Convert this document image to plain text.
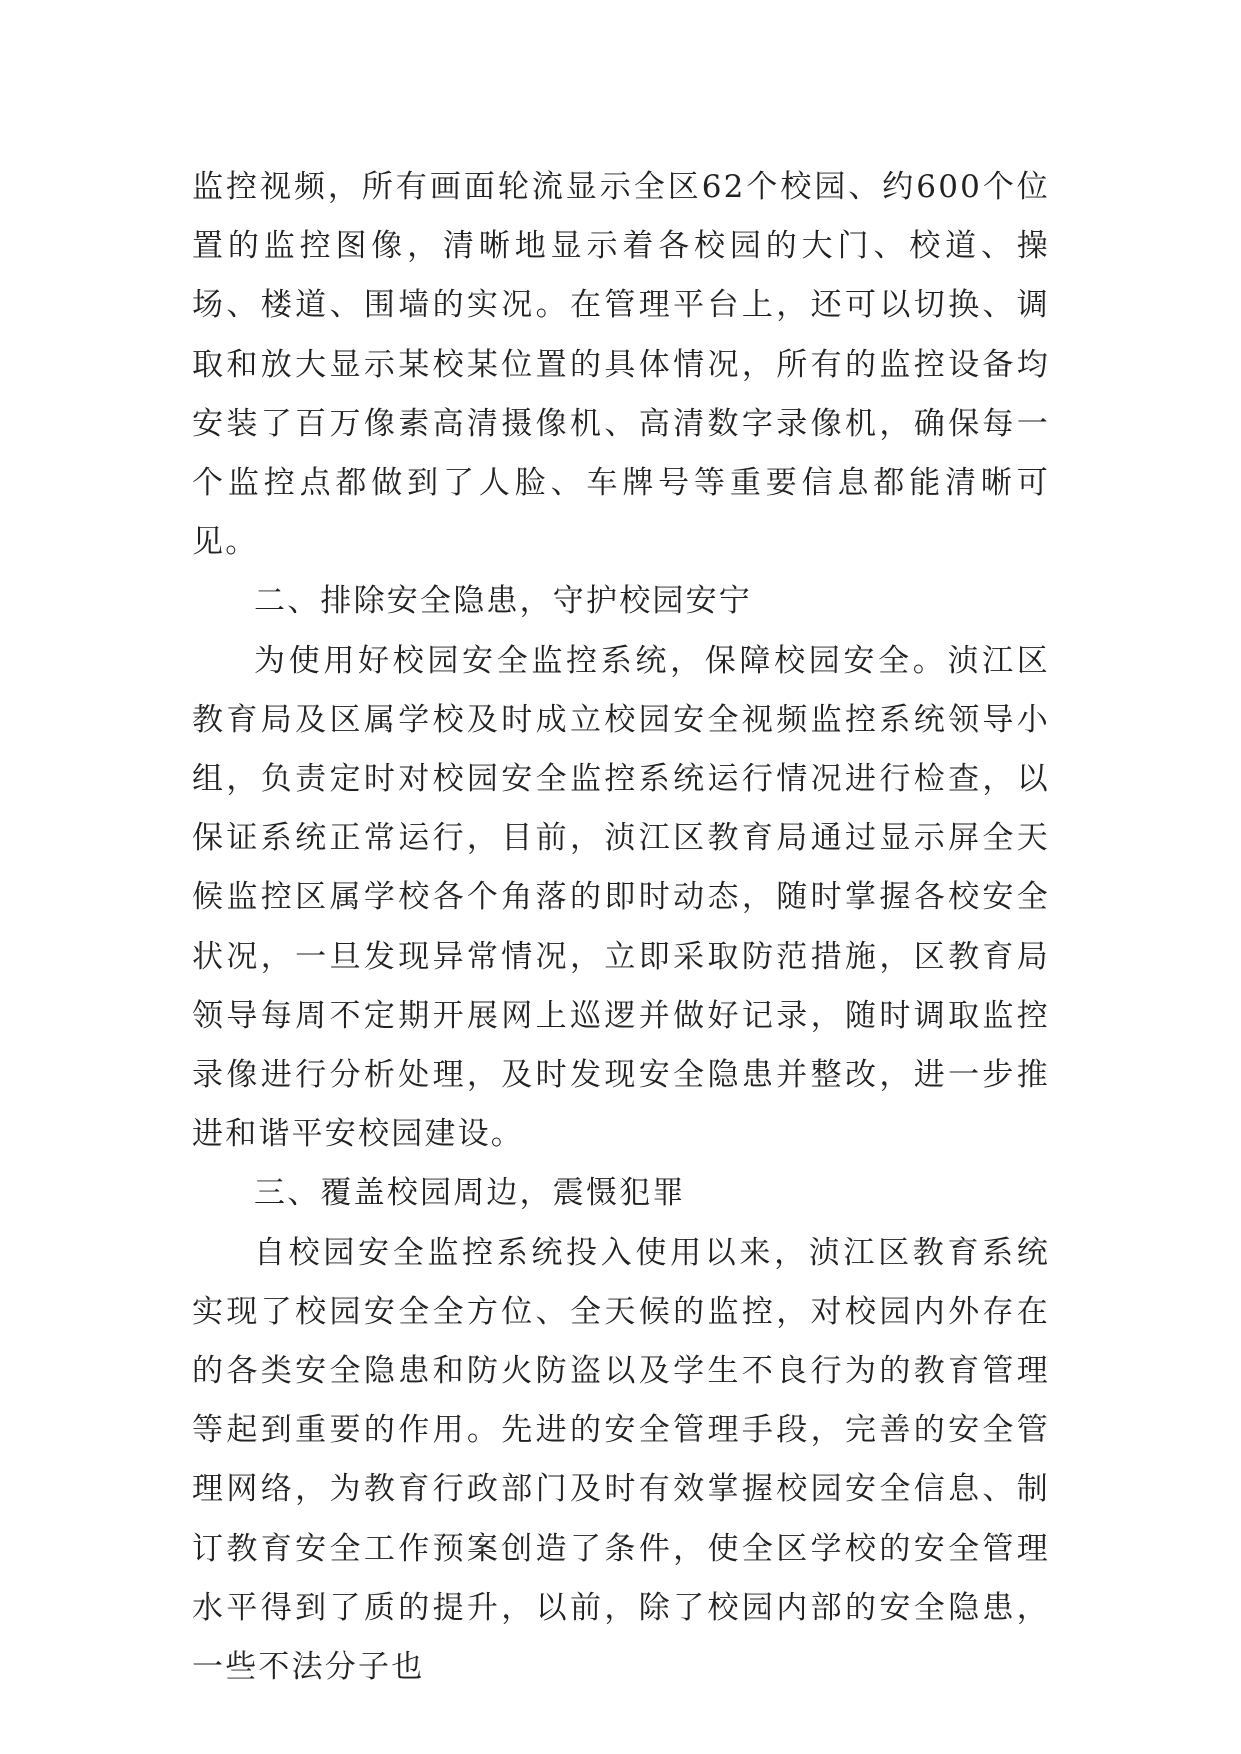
监控视频，所有画面轮流显示全区62个校园、约600个位置的监控图像，清晰地显示着各校园的大门、校道、操场、楼道、围墙的实况。在管理平台上，还可以切换、调取和放大显示某校某位置的具体情况，所有的监控设备均安装了百万像素高清摄像机、高清数字录像机，确保每一个监控点都做到了人脸、车牌号等重要信息都能清晰可见。

二、排除安全隐患，守护校园安宁

为使用好校园安全监控系统，保障校园安全。浈江区教育局及区属学校及时成立校园安全视频监控系统领导小组，负责定时对校园安全监控系统运行情况进行检查，以保证系统正常运行，目前，浈江区教育局通过显示屏全天候监控区属学校各个角落的即时动态，随时掌握各校安全状况，一旦发现异常情况，立即采取防范措施，区教育局领导每周不定期开展网上巡逻并做好记录，随时调取监控录像进行分析处理，及时发现安全隐患并整改，进一步推进和谐平安校园建设。

三、覆盖校园周边，震慑犯罪

自校园安全监控系统投入使用以来，浈江区教育系统实现了校园安全全方位、全天候的监控，对校园内外存在的各类安全隐患和防火防盗以及学生不良行为的教育管理等起到重要的作用。先进的安全管理手段，完善的安全管理网络，为教育行政部门及时有效掌握校园安全信息、制订教育安全工作预案创造了条件，使全区学校的安全管理水平得到了质的提升，以前，除了校园内部的安全隐患，一些不法分子也
